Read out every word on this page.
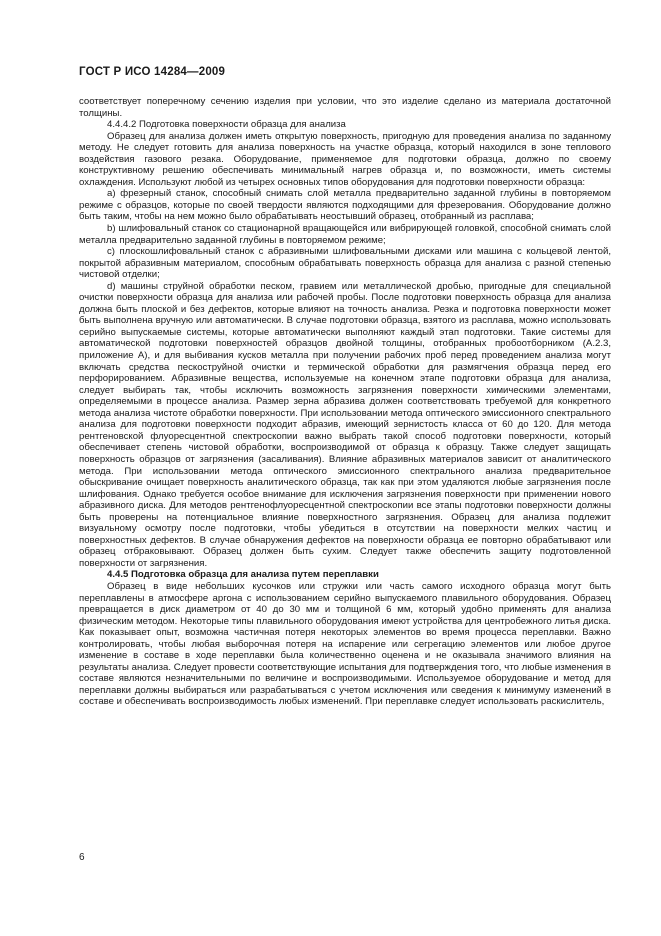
ГОСТ Р ИСО 14284—2009

соответствует поперечному сечению изделия при условии, что это изделие сделано из материала достаточной толщины.

4.4.4.2 Подготовка поверхности образца для анализа

Образец для анализа должен иметь открытую поверхность, пригодную для проведения анализа по заданному методу. Не следует готовить для анализа поверхность на участке образца, который находился в зоне теплового воздействия газового резака. Оборудование, применяемое для подготовки образца, должно по своему конструктивному решению обеспечивать минимальный нагрев образца и, по возможности, иметь системы охлаждения. Используют любой из четырех основных типов оборудования для подготовки поверхности образца:

а) фрезерный станок, способный снимать слой металла предварительно заданной глубины в повторяемом режиме с образцов, которые по своей твердости являются подходящими для фрезерования. Оборудование должно быть таким, чтобы на нем можно было обрабатывать неостывший образец, отобранный из расплава;

b) шлифовальный станок со стационарной вращающейся или вибрирующей головкой, способной снимать слой металла предварительно заданной глубины в повторяемом режиме;

с) плоскошлифовальный станок с абразивными шлифовальными дисками или машина с кольцевой лентой, покрытой абразивным материалом, способным обрабатывать поверхность образца для анализа с разной степенью чистовой отделки;

d) машины струйной обработки песком, гравием или металлической дробью, пригодные для специальной очистки поверхности образца для анализа или рабочей пробы. После подготовки поверхность образца для анализа должна быть плоской и без дефектов, которые влияют на точность анализа. Резка и подготовка поверхности может быть выполнена вручную или автоматически. В случае подготовки образца, взятого из расплава, можно использовать серийно выпускаемые системы, которые автоматически выполняют каждый этап подготовки. Такие системы для автоматической подготовки поверхностей образцов двойной толщины, отобранных пробоотборником (А.2.3, приложение А), и для выбивания кусков металла при получении рабочих проб перед проведением анализа могут включать средства пескоструйной очистки и термической обработки для размягчения образца перед его перфорированием. Абразивные вещества, используемые на конечном этапе подготовки образца для анализа, следует выбирать так, чтобы исключить возможность загрязнения поверхности химическими элементами, определяемыми в процессе анализа. Размер зерна абразива должен соответствовать требуемой для конкретного метода анализа чистоте обработки поверхности. При использовании метода оптического эмиссионного спектрального анализа для подготовки поверхности подходит абразив, имеющий зернистость класса от 60 до 120. Для метода рентгеновской флуоресцентной спектроскопии важно выбрать такой способ подготовки поверхности, который обеспечивает степень чистовой обработки, воспроизводимой от образца к образцу. Также следует защищать поверхность образцов от загрязнения (засаливания). Влияние абразивных материалов зависит от аналитического метода. При использовании метода оптического эмиссионного спектрального анализа предварительное обыскривание очищает поверхность аналитического образца, так как при этом удаляются любые загрязнения после шлифования. Однако требуется особое внимание для исключения загрязнения поверхности при применении нового абразивного диска. Для методов рентгенофлуоресцентной спектроскопии все этапы подготовки поверхности должны быть проверены на потенциальное влияние поверхностного загрязнения. Образец для анализа подлежит визуальному осмотру после подготовки, чтобы убедиться в отсутствии на поверхности мелких частиц и поверхностных дефектов. В случае обнаружения дефектов на поверхности образца ее повторно обрабатывают или образец отбраковывают. Образец должен быть сухим. Следует также обеспечить защиту подготовленной поверхности от загрязнения.

4.4.5 Подготовка образца для анализа путем переплавки

Образец в виде небольших кусочков или стружки или часть самого исходного образца могут быть переплавлены в атмосфере аргона с использованием серийно выпускаемого плавильного оборудования. Образец превращается в диск диаметром от 40 до 30 мм и толщиной 6 мм, который удобно применять для анализа физическим методом. Некоторые типы плавильного оборудования имеют устройства для центробежного литья диска. Как показывает опыт, возможна частичная потеря некоторых элементов во время процесса переплавки. Важно контролировать, чтобы любая выборочная потеря на испарение или сегрегацию элементов или любое другое изменение в составе в ходе переплавки была количественно оценена и не оказывала значимого влияния на результаты анализа. Следует провести соответствующие испытания для подтверждения того, что любые изменения в составе являются незначительными по величине и воспроизводимыми. Используемое оборудование и метод для переплавки должны выбираться или разрабатываться с учетом исключения или сведения к минимуму изменений в составе и обеспечивать воспроизводимость любых изменений. При переплавке следует использовать раскислитель,

6
